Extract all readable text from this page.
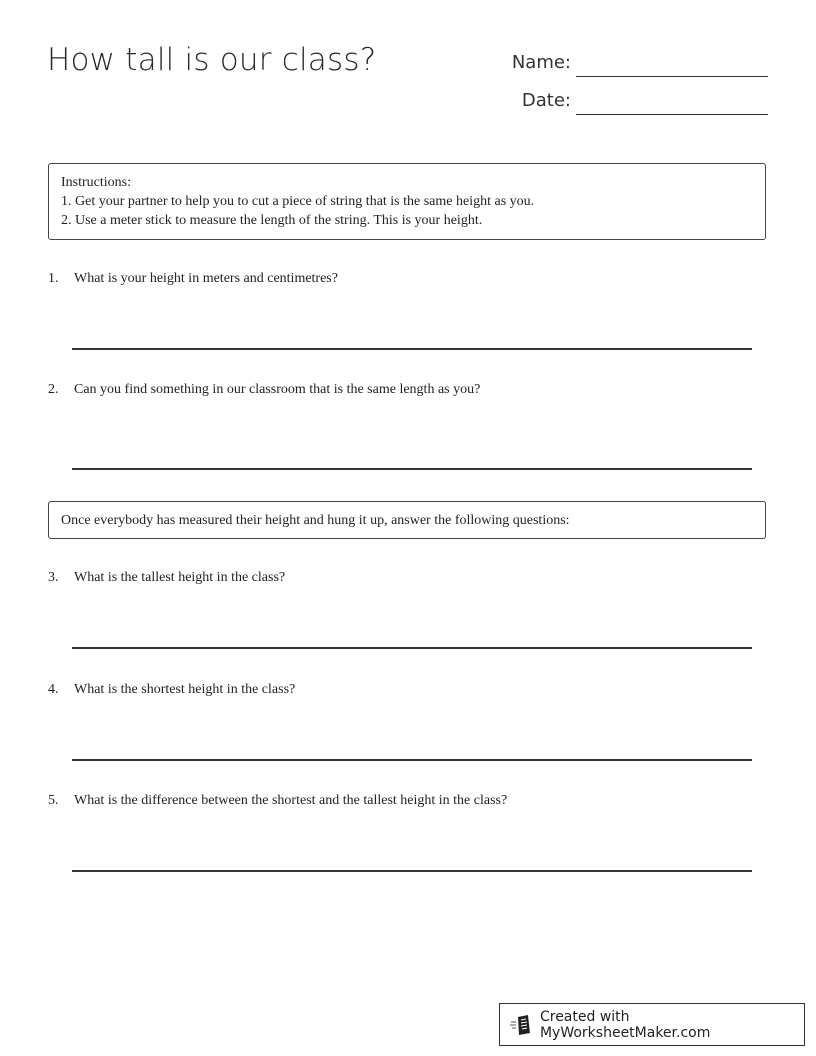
How tall is our class?	Name:
Date:
Instructions:
1. Get your partner to help you to cut a piece of string that is the same height as you.
2. Use a meter stick to measure the length of the string. This is your height.
1. What is your height in meters and centimetres?
2. Can you find something in our classroom that is the same length as you?
Once everybody has measured their height and hung it up, answer the following questions:
3. What is the tallest height in the class?
4. What is the shortest height in the class?
5. What is the difference between the shortest and the tallest height in the class?
Created with MyWorksheetMaker.com
